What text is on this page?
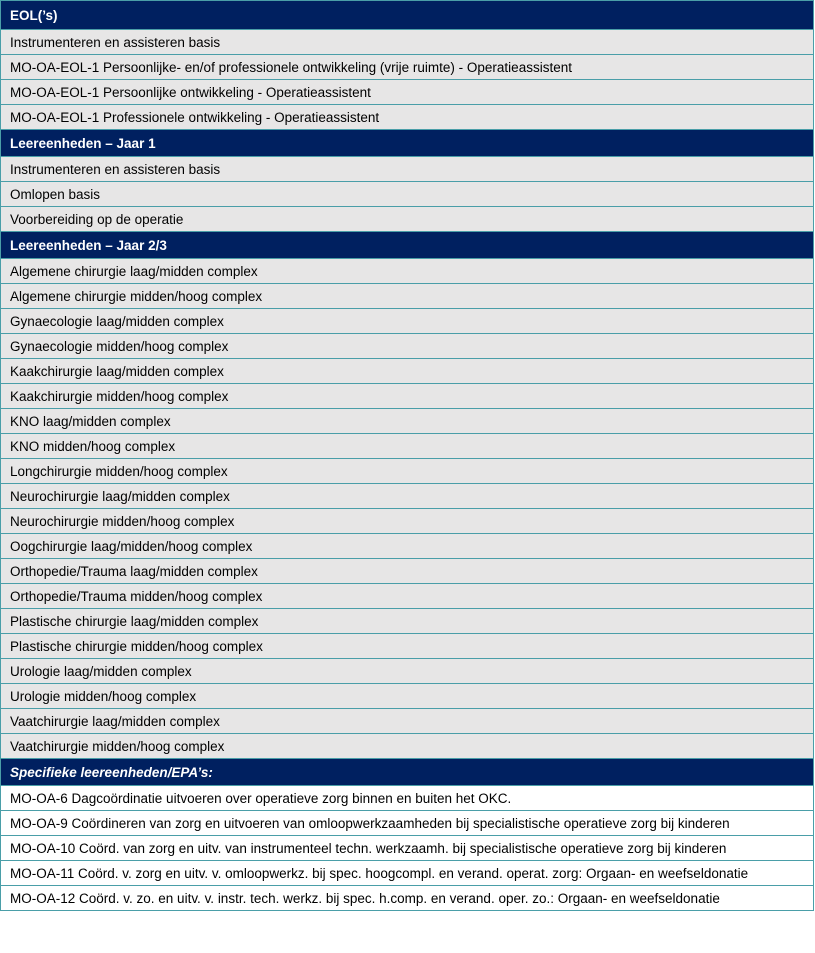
EOL(’s)
Instrumenteren en assisteren basis
MO-OA-EOL-1 Persoonlijke- en/of professionele ontwikkeling (vrije ruimte) - Operatieassistent
MO-OA-EOL-1 Persoonlijke ontwikkeling - Operatieassistent
MO-OA-EOL-1 Professionele ontwikkeling - Operatieassistent
Leereenheden – Jaar 1
Instrumenteren en assisteren basis
Omlopen basis
Voorbereiding op de operatie
Leereenheden – Jaar 2/3
Algemene chirurgie laag/midden complex
Algemene chirurgie midden/hoog complex
Gynaecologie laag/midden complex
Gynaecologie midden/hoog complex
Kaakchirurgie laag/midden complex
Kaakchirurgie midden/hoog complex
KNO laag/midden complex
KNO midden/hoog complex
Longchirurgie midden/hoog complex
Neurochirurgie laag/midden complex
Neurochirurgie midden/hoog complex
Oogchirurgie laag/midden/hoog complex
Orthopedie/Trauma laag/midden complex
Orthopedie/Trauma midden/hoog complex
Plastische chirurgie laag/midden complex
Plastische chirurgie midden/hoog complex
Urologie laag/midden complex
Urologie midden/hoog complex
Vaatchirurgie laag/midden complex
Vaatchirurgie midden/hoog complex
Specifieke leereenheden/EPA’s:
MO-OA-6 Dagcoördinatie uitvoeren over operatieve zorg binnen en buiten het OKC.
MO-OA-9 Coördineren van zorg en uitvoeren van omloopwerkzaamheden bij specialistische operatieve zorg bij kinderen
MO-OA-10 Coörd. van zorg en uitv. van instrumenteel techn. werkzaamh. bij specialistische operatieve zorg bij kinderen
MO-OA-11 Coörd. v. zorg en uitv. v. omloopwerkz. bij spec. hoogcompl. en verand. operat. zorg: Orgaan- en weefseldonatie
MO-OA-12 Coörd. v. zo. en uitv. v. instr. tech. werkz. bij spec. h.comp. en verand. oper. zo.: Orgaan- en weefseldonatie
